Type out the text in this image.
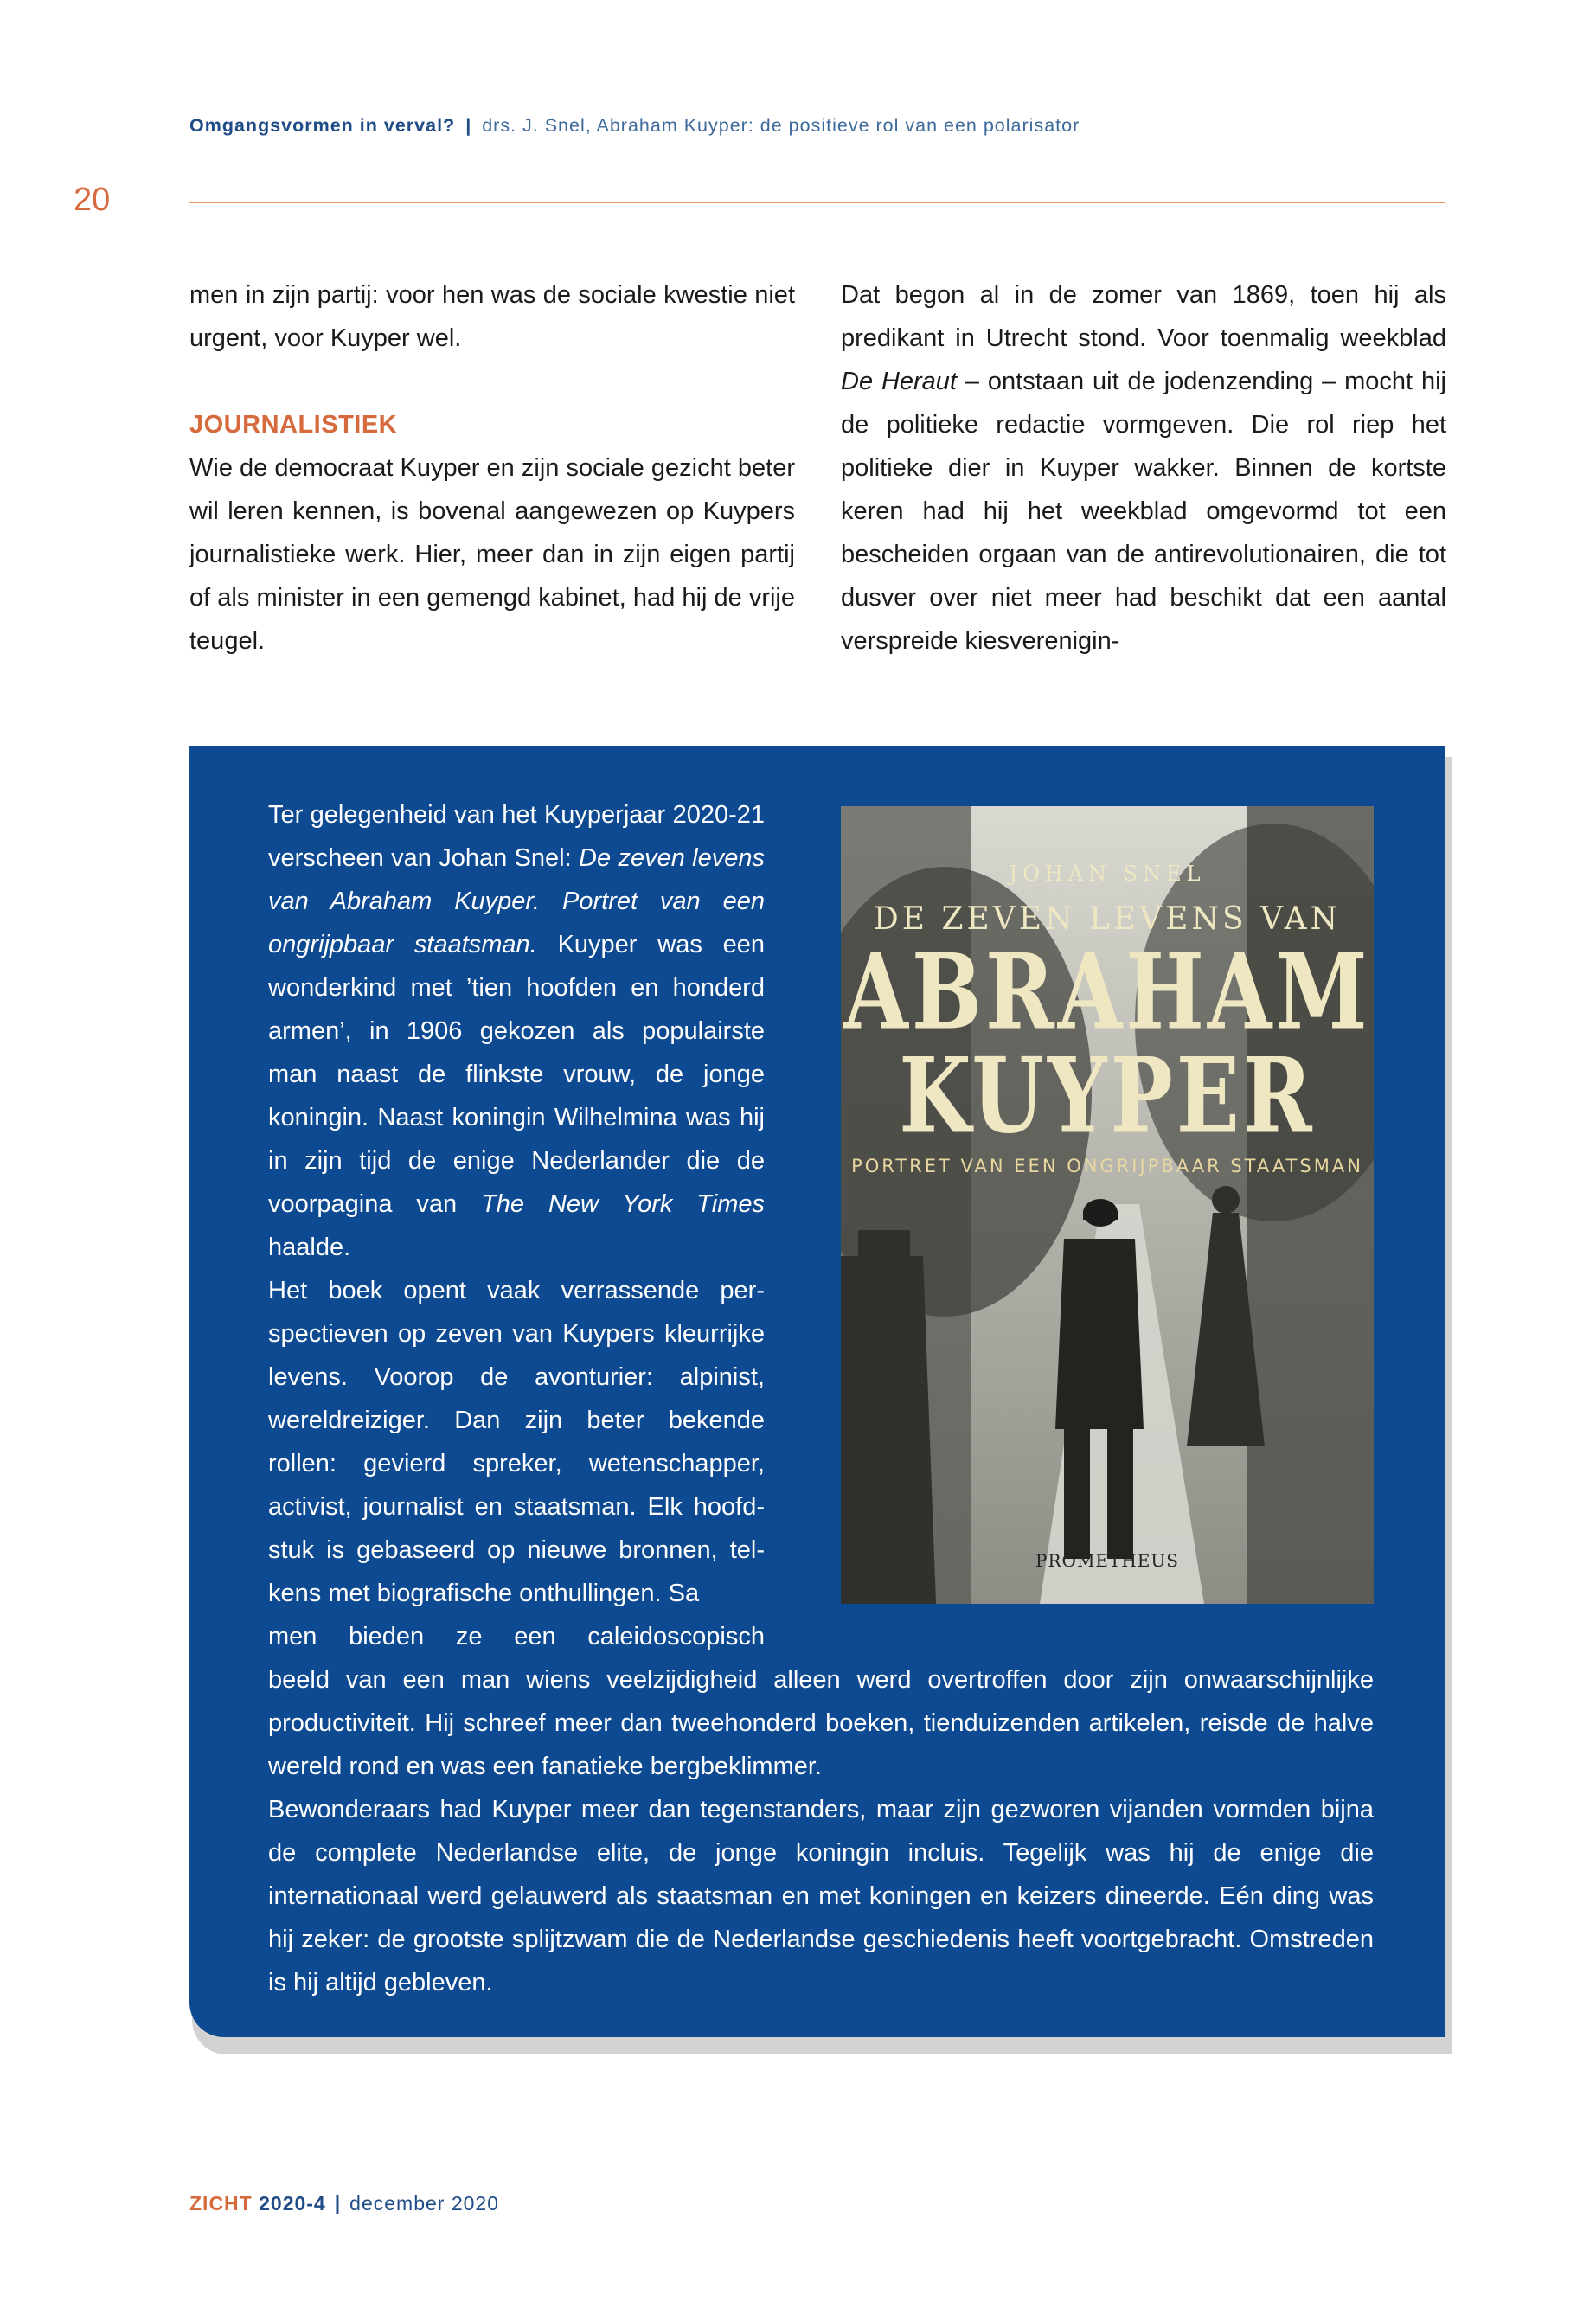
Omgangsvormen in verval? | drs. J. Snel, Abraham Kuyper: de positieve rol van een polarisator
20

men in zijn partij: voor hen was de sociale kwestie niet urgent, voor Kuyper wel.

JOURNALISTIEK

Wie de democraat Kuyper en zijn sociale gezicht beter wil leren kennen, is bovenal aangewezen op Kuypers journalistieke werk. Hier, meer dan in zijn eigen partij of als minister in een gemengd kabinet, had hij de vrije teugel.

Dat begon al in de zomer van 1869, toen hij als predikant in Utrecht stond. Voor toenmalig weekblad De Heraut – ontstaan uit de jodenzending – mocht hij de politieke redactie vormgeven. Die rol riep het politieke dier in Kuyper wakker. Binnen de kortste keren had hij het weekblad omgevormd tot een bescheiden orgaan van de antirevolutionairen, die tot dusver over niet meer had beschikt dat een aantal verspreide kiesverenigin-

Ter gelegenheid van het Kuyperjaar 2020-21 verscheen van Johan Snel: De zeven levens van Abraham Kuyper. Portret van een ongrijpbaar staatsman. Kuyper was een wonderkind met ’tien hoofden en honderd armen’, in 1906 gekozen als populairste man naast de flinkste vrouw, de jonge koningin. Naast koningin Wilhelmina was hij in zijn tijd de enige Nederlander die de voorpagina van The New York Times haalde.

Het boek opent vaak verrassende perspectieven op zeven van Kuypers kleurrijke levens. Voorop de avonturier: alpinist, wereldreiziger. Dan zijn beter bekende rollen: gevierd spreker, wetenschapper, activist, journalist en staatsman. Elk hoofdstuk is gebaseerd op nieuwe bronnen, telkens met biografische onthullingen. Sa

men bieden ze een caleidoscopisch

beeld van een man wiens veelzijdigheid alleen werd overtroffen door zijn onwaarschijnlijke productiviteit. Hij schreef meer dan tweehonderd boeken, tienduizenden artikelen, reisde de halve wereld rond en was een fanatieke bergbeklimmer.

Bewonderaars had Kuyper meer dan tegenstanders, maar zijn gezworen vijanden vormden bijna de complete Nederlandse elite, de jonge koningin incluis. Tegelijk was hij de enige die internationaal werd gelauwerd als staatsman en met koningen en keizers dineerde. Eén ding was hij zeker: de grootste splijtzwam die de Nederlandse geschiedenis heeft voortgebracht. Omstreden is hij altijd gebleven.

JOHAN SNEL
DE ZEVEN LEVENS VAN
ABRAHAM
KUYPER
PORTRET VAN EEN ONGRIJPBAAR STAATSMAN
PROMETHEUS
ZICHT 2020-4 | december 2020
